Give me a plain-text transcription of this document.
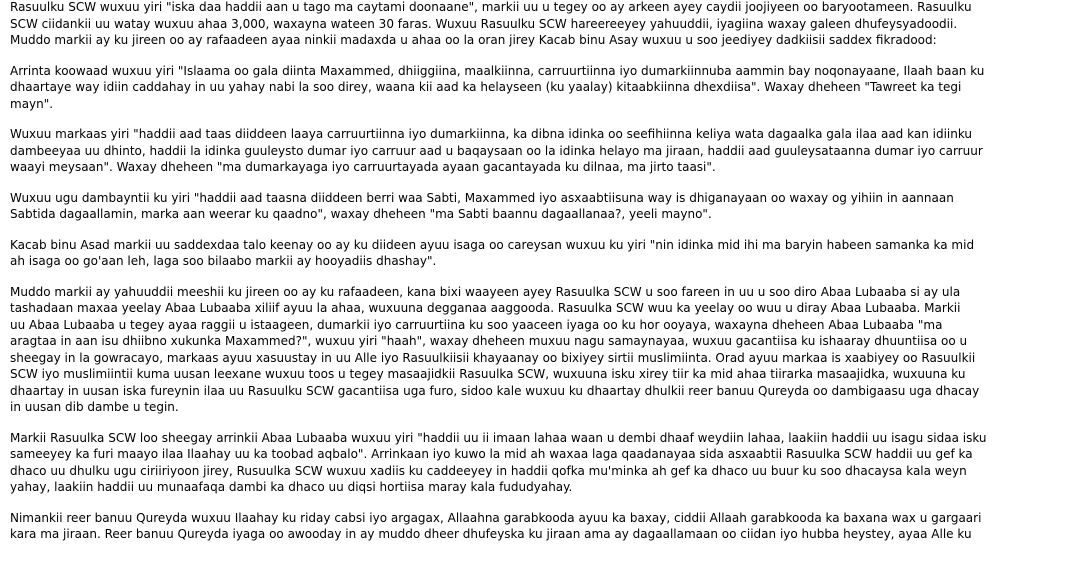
Rasuulku SCW wuxuu yiri "iska daa haddii aan u tago ma caytami doonaane", markii uu u tegey oo ay arkeen ayey caydii joojiyeen oo baryootameen. Rasuulku
SCW ciidankii uu watay wuxuu ahaa 3,000, waxayna wateen 30 faras. Wuxuu Rasuulku SCW hareereeyey yahuuddii, iyagiina waxay galeen dhufeysyadoodii.
Muddo markii ay ku jireen oo ay rafaadeen ayaa ninkii madaxda u ahaa oo la oran jirey Kacab binu Asay wuxuu u soo jeediyey dadkiisii saddex fikradood:
Arrinta koowaad wuxuu yiri "Islaama oo gala diinta Maxammed, dhiiggiina, maalkiinna, carruurtiinna iyo dumarkiinnuba aammin bay noqonayaane, Ilaah baan ku
dhaartaye way idiin caddahay in uu yahay nabi la soo direy, waana kii aad ka helayseen (ku yaalay) kitaabkiinna dhexdiisa". Waxay dheheen "Tawreet ka tegi
mayn".
Wuxuu markaas yiri "haddii aad taas diiddeen laaya carruurtiinna iyo dumarkiinna, ka dibna idinka oo seefihiinna keliya wata dagaalka gala ilaa aad kan idiinku
dambeeyaa uu dhinto, haddii la idinka guuleysto dumar iyo carruur aad u baqaysaan oo la idinka helayo ma jiraan, haddii aad guuleysataanna dumar iyo carruur
waayi meysaan". Waxay dheheen "ma dumarkayaga iyo carruurtayada ayaan gacantayada ku dilnaa, ma jirto taasi".
Wuxuu ugu dambayntii ku yiri "haddii aad taasna diiddeen berri waa Sabti, Maxammed iyo asxaabtiisuna way is dhiganayaan oo waxay og yihiin in aannaan
Sabtida dagaallamin, marka aan weerar ku qaadno", waxay dheheen "ma Sabti baannu dagaallanaa?, yeeli mayno".
Kacab binu Asad markii uu saddexdaa talo keenay oo ay ku diideen ayuu isaga oo careysan wuxuu ku yiri "nin idinka mid ihi ma baryin habeen samanka ka mid
ah isaga oo go'aan leh, laga soo bilaabo markii ay hooyadiis dhashay".
Muddo markii ay yahuuddii meeshii ku jireen oo ay ku rafaadeen, kana bixi waayeen ayey Rasuulka SCW u soo fareen in uu u soo diro Abaa Lubaaba si ay ula
tashadaan maxaa yeelay Abaa Lubaaba xiliif ayuu la ahaa, wuxuuna degganaa aaggooda. Rasuulka SCW wuu ka yeelay oo wuu u diray Abaa Lubaaba. Markii
uu Abaa Lubaaba u tegey ayaa raggii u istaageen, dumarkii iyo carruurtiina ku soo yaaceen iyaga oo ku hor ooyaya, waxayna dheheen Abaa Lubaaba "ma
aragtaa in aan isu dhiibno xukunka Maxammed?", wuxuu yiri "haah", waxay dheheen muxuu nagu samaynayaa, wuxuu gacantiisa ku ishaaray dhuuntiisa oo u
sheegay in la gowracayo, markaas ayuu xasuustay in uu Alle iyo Rasuulkiisii khayaanay oo bixiyey sirtii muslimiinta. Orad ayuu markaa is xaabiyey oo Rasuulkii
SCW iyo muslimiintii kuma uusan leexane wuxuu toos u tegey masaajidkii Rasuulka SCW, wuxuuna isku xirey tiir ka mid ahaa tiirarka masaajidka, wuxuuna ku
dhaartay in uusan iska fureynin ilaa uu Rasuulku SCW gacantiisa uga furo, sidoo kale wuxuu ku dhaartay dhulkii reer banuu Qureyda oo dambigaasu uga dhacay
in uusan dib dambe u tegin.
Markii Rasuulka SCW loo sheegay arrinkii Abaa Lubaaba wuxuu yiri "haddii uu ii imaan lahaa waan u dembi dhaaf weydiin lahaa, laakiin haddii uu isagu sidaa isku
sameeyey ka furi maayo ilaa Ilaahay uu ka toobad aqbalo". Arrinkaan iyo kuwo la mid ah waxaa laga qaadanayaa sida asxaabtii Rasuulka SCW haddii uu gef ka
dhaco uu dhulku ugu ciriiriyoon jirey, Rusuulka SCW wuxuu xadiis ku caddeeyey in haddii qofka mu'minka ah gef ka dhaco uu buur ku soo dhacaysa kala weyn
yahay, laakiin haddii uu munaafaqa dambi ka dhaco uu diqsi hortiisa maray kala fududyahay.
Nimankii reer banuu Qureyda wuxuu Ilaahay ku riday cabsi iyo argagax, Allaahna garabkooda ayuu ka baxay, ciddii Allaah garabkooda ka baxana wax u gargaari
kara ma jiraan. Reer banuu Qureyda iyaga oo awooday in ay muddo dheer dhufeyska ku jiraan ama ay dagaallamaan oo ciidan iyo hubba heystey, ayaa Alle ku
